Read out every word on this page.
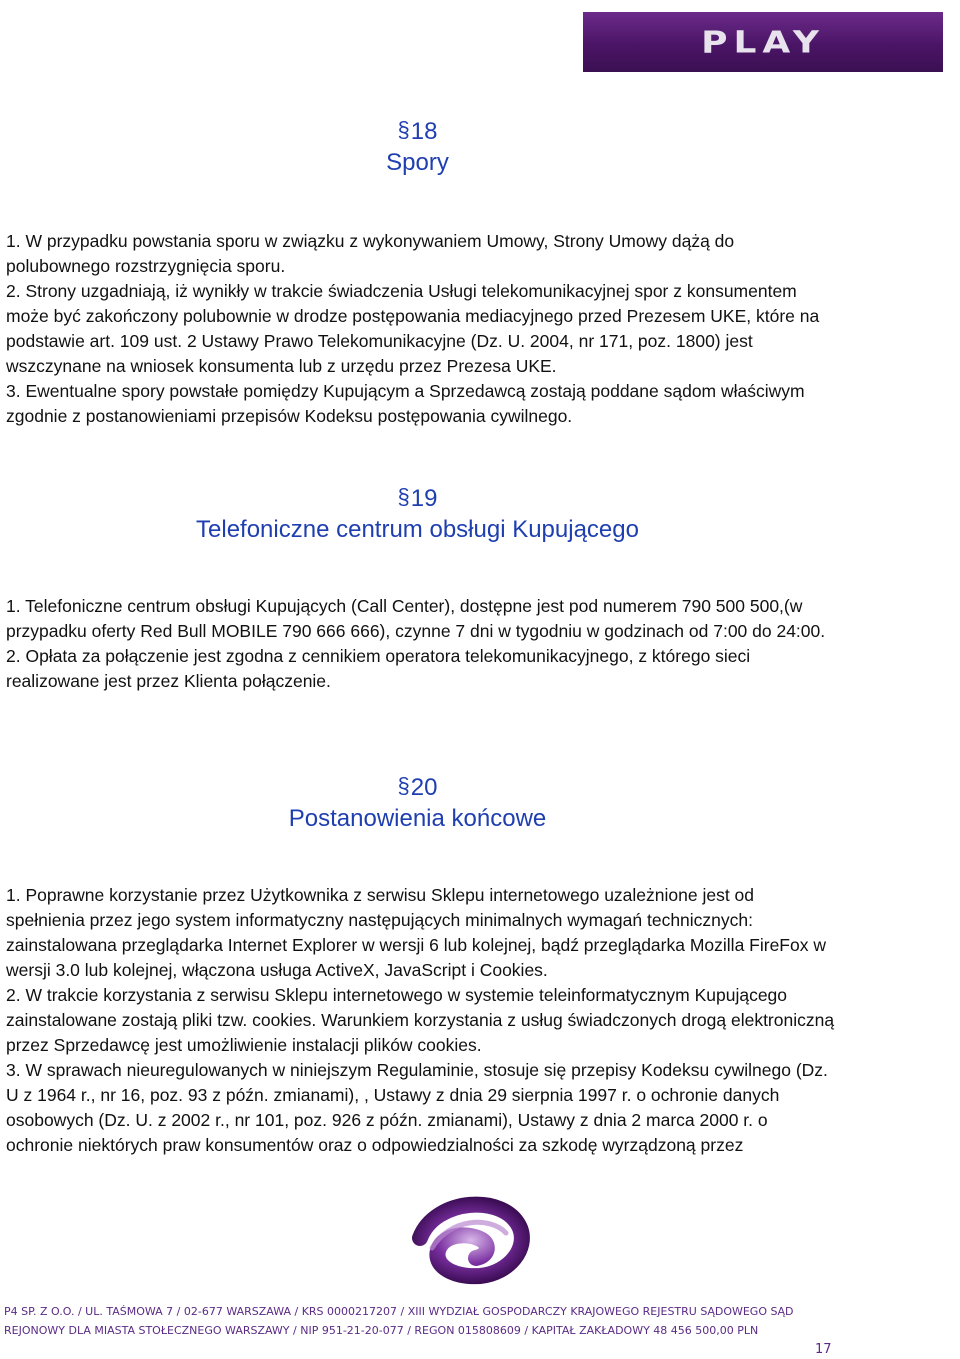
PLAY
§18
Spory

1. W przypadku powstania sporu w związku z wykonywaniem Umowy, Strony Umowy dążą do polubownego rozstrzygnięcia sporu.

2. Strony uzgadniają, iż wynikły w trakcie świadczenia Usługi telekomunikacyjnej spor z konsumentem może być zakończony polubownie w drodze postępowania mediacyjnego przed Prezesem UKE, które na podstawie art. 109 ust. 2 Ustawy Prawo Telekomunikacyjne (Dz. U. 2004, nr 171, poz. 1800) jest wszczynane na wniosek konsumenta lub z urzędu przez Prezesa UKE.

3. Ewentualne spory powstałe pomiędzy Kupującym a Sprzedawcą zostają poddane sądom właściwym zgodnie z postanowieniami przepisów Kodeksu postępowania cywilnego.

§19
Telefoniczne centrum obsługi Kupującego

1. Telefoniczne centrum obsługi Kupujących (Call Center), dostępne jest pod numerem 790 500 500,(w przypadku oferty Red Bull MOBILE 790 666 666), czynne 7 dni w tygodniu w godzinach od 7:00 do 24:00.

2. Opłata za połączenie jest zgodna z cennikiem operatora telekomunikacyjnego, z którego sieci realizowane jest przez Klienta połączenie.

§20
Postanowienia końcowe

1. Poprawne korzystanie przez Użytkownika z serwisu Sklepu internetowego uzależnione jest od spełnienia przez jego system informatyczny następujących minimalnych wymagań technicznych: zainstalowana przeglądarka Internet Explorer w wersji 6 lub kolejnej, bądź przeglądarka Mozilla FireFox w wersji 3.0 lub kolejnej, włączona usługa ActiveX, JavaScript i Cookies.

2. W trakcie korzystania z serwisu Sklepu internetowego w systemie teleinformatycznym Kupującego zainstalowane zostają pliki tzw. cookies. Warunkiem korzystania z usług świadczonych drogą elektroniczną przez Sprzedawcę jest umożliwienie instalacji plików cookies.

3. W sprawach nieuregulowanych w niniejszym Regulaminie, stosuje się przepisy Kodeksu cywilnego (Dz. U z 1964 r., nr 16, poz. 93 z późn. zmianami), , Ustawy z dnia 29 sierpnia 1997 r. o ochronie danych osobowych (Dz. U. z 2002 r., nr 101, poz. 926 z późn. zmianami), Ustawy z dnia 2 marca 2000 r. o ochronie niektórych praw konsumentów oraz o odpowiedzialności za szkodę wyrządzoną przez

P4 SP. Z O.O. / UL. TAŚMOWA 7 / 02-677 WARSZAWA / KRS 0000217207 / XIII WYDZIAŁ GOSPODARCZY KRAJOWEGO REJESTRU SĄDOWEGO SĄD
REJONOWY DLA MIASTA STOŁECZNEGO WARSZAWY / NIP 951-21-20-077 / REGON 015808609 / KAPITAŁ ZAKŁADOWY 48 456 500,00 PLN
17
